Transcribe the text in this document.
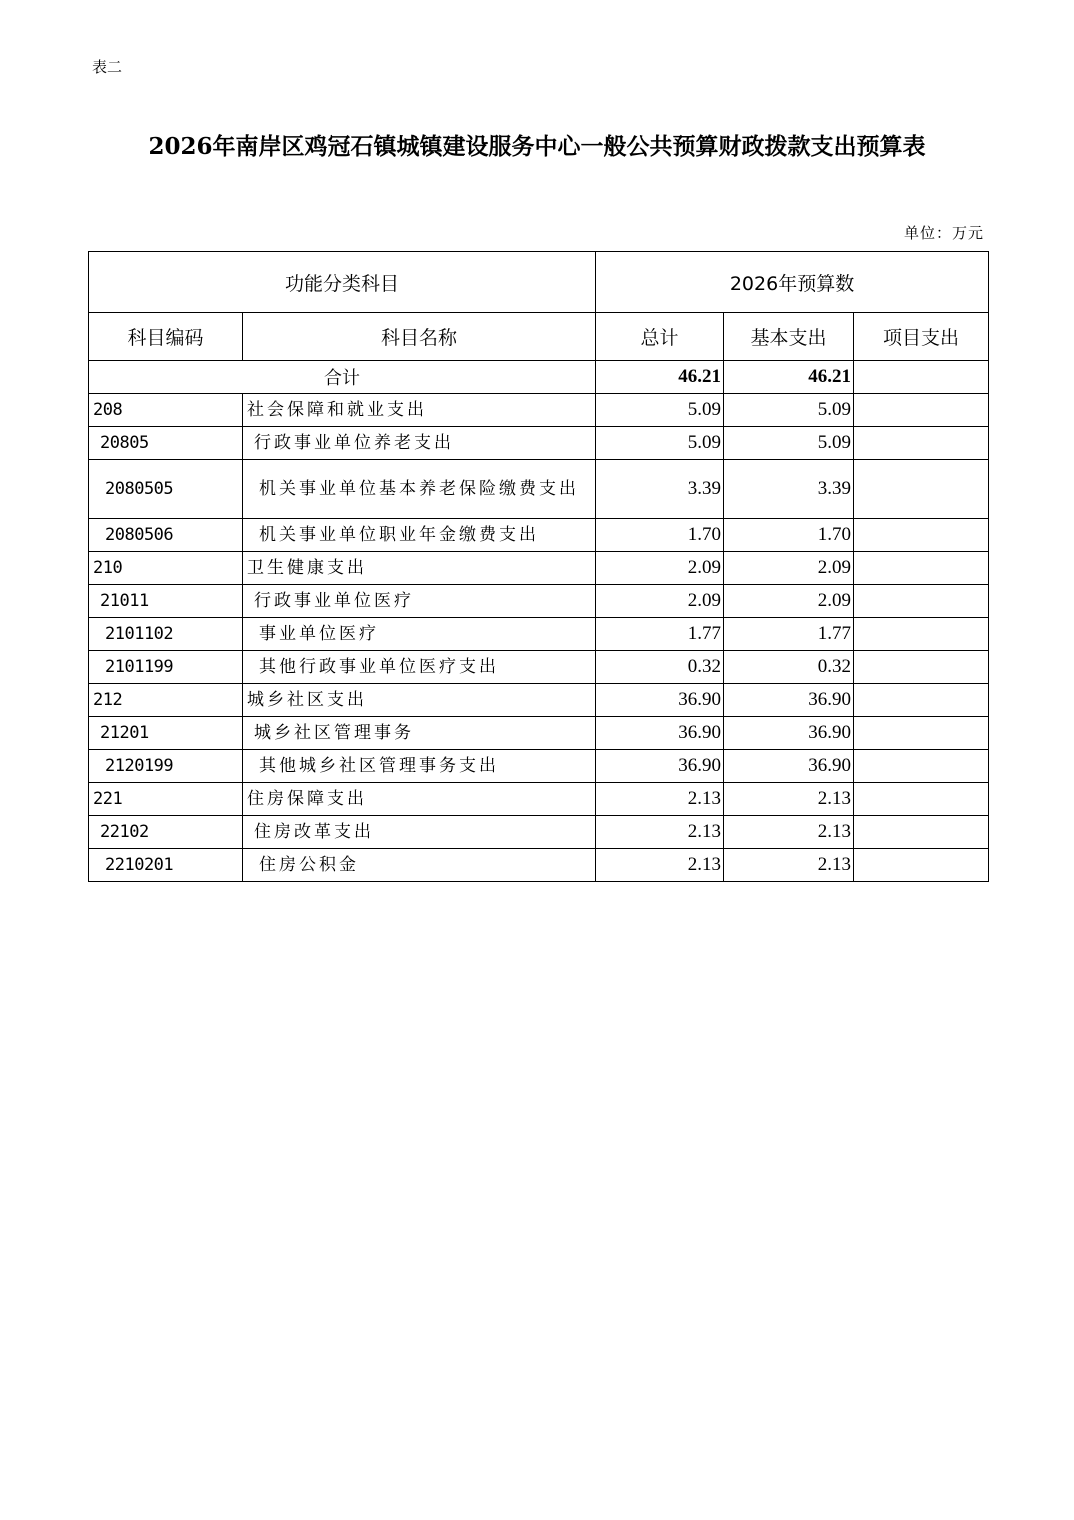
表二
2026年南岸区鸡冠石镇城镇建设服务中心一般公共预算财政拨款支出预算表
单位：万元
功能分类科目		2026年预算数		
科目编码	科目名称	总计	基本支出	项目支出
合计		46.21	46.21	
208	社会保障和就业支出	5.09	5.09	
20805	行政事业单位养老支出	5.09	5.09	
2080505	机关事业单位基本养老保险缴费支出	3.39	3.39	
2080506	机关事业单位职业年金缴费支出	1.70	1.70	
210	卫生健康支出	2.09	2.09	
21011	行政事业单位医疗	2.09	2.09	
2101102	事业单位医疗	1.77	1.77	
2101199	其他行政事业单位医疗支出	0.32	0.32	
212	城乡社区支出	36.90	36.90	
21201	城乡社区管理事务	36.90	36.90	
2120199	其他城乡社区管理事务支出	36.90	36.90	
221	住房保障支出	2.13	2.13	
22102	住房改革支出	2.13	2.13	
2210201	住房公积金	2.13	2.13	
